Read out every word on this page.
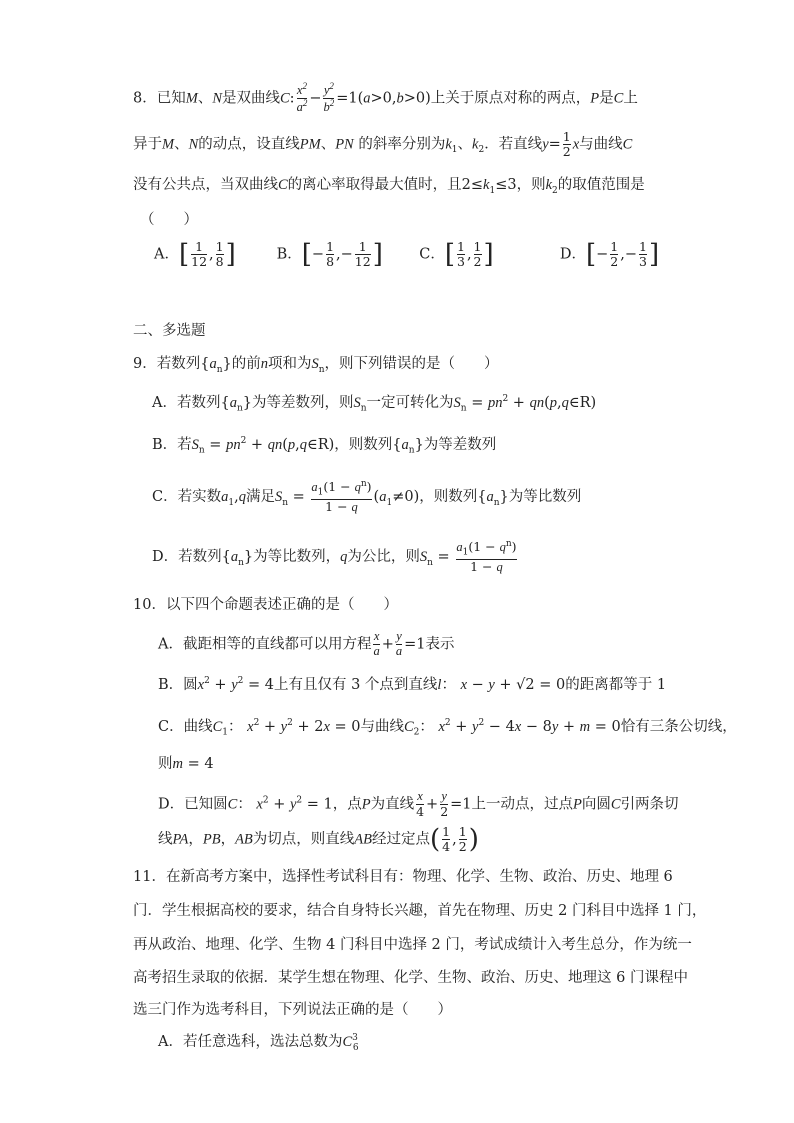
8．已知M、N是双曲线C: $\frac{x^2}{a^2} - \frac{y^2}{b^2} =1(a>0,b>0)$上关于原点对称的两点，P是C上
异于M、N的动点，设直线PM、PN 的斜率分别为$k_1$、$k_2$．若直线$y= \frac{1}{2}$ x与曲线C
没有公共点，当双曲线C的离心率取得最大值时，且$2\le k_1\le 3$，则$k_2$的取值范围是
（　　）
A．[ $\frac{1}{12}$ , $\frac{1}{8}$ ]	B．[− $\frac{1}{8}$ ,− $\frac{1}{12}$ ]	C．[ $\frac{1}{3}$ , $\frac{1}{2}$ ]	D．[− $\frac{1}{2}$ ,− $\frac{1}{3}$ ]
二、多选题
9．若数列$\{a_n\}$的前n项和为$S_n$，则下列错误的是（　　）
A．若数列$\{a_n\}$为等差数列，则$S_n$一定可转化为$S_n = pn^2$ + qn(p,q∈R)
B．若$S_n = pn^2$ + qn(p,q∈R)，则数列$\{a_n\}$为等差数列
C．若实数$a_1,q$满足$S_n = \frac{a_1(1 - q^n)}{1 - q} (a_1\ne 0)$，则数列$\{a_n\}$为等比数列
D．若数列$\{a_n\}$为等比数列，q为公比，则$S_n = \frac{a_1(1 - q^n)}{1 - q}$
10．以下四个命题表述正确的是（　　）
A．截距相等的直线都可以用方程 $\frac{x}{a} + \frac{y}{a} =1$表示
B．圆$x^2 + y^2 = 4$上有且仅有 3 个点到直线l： x − y + √2 = 0的距离都等于 1
C．曲线$C_1$： $x^2 + y^2 + 2x = 0$与曲线$C_2$： $x^2 + y^2 - 4x - 8y + m = 0$恰有三条公切线，
则m = 4
D．已知圆C： $x^2 + y^2 = 1$，点P为直线 $\frac{x}{4} + \frac{y}{2} =1$上一动点，过点P向圆C引两条切
线PA，PB，AB为切点，则直线AB经过定点( $\frac{1}{4}$ , $\frac{1}{2}$ )
11．在新高考方案中，选择性考试科目有：物理、化学、生物、政治、历史、地理 6
门．学生根据高校的要求，结合自身特长兴趣，首先在物理、历史 2 门科目中选择 1 门，
再从政治、地理、化学、生物 4 门科目中选择 2 门，考试成绩计入考生总分，作为统一
高考招生录取的依据．某学生想在物理、化学、生物、政治、历史、地理这 6 门课程中
选三门作为选考科目，下列说法正确的是（　　）
A．若任意选科，选法总数为$C^3_6$
